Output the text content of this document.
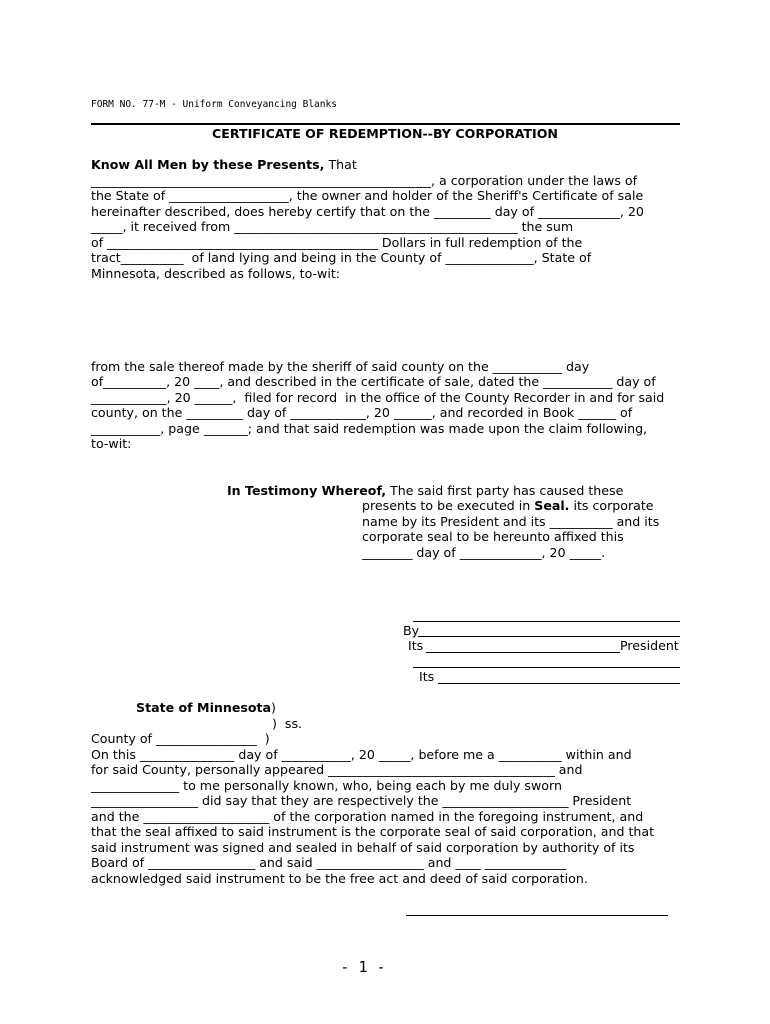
FORM NO. 77-M - Uniform Conveyancing Blanks
CERTIFICATE OF REDEMPTION--BY CORPORATION
Know All Men by these Presents, That
______________________________________________________, a corporation under the laws of
the State of ___________________, the owner and holder of the Sheriff's Certificate of sale
hereinafter described, does hereby certify that on the _________ day of _____________, 20
_____, it received from _____________________________________________ the sum
of ___________________________________________ Dollars in full redemption of the
tract__________  of land lying and being in the County of ______________, State of
Minnesota, described as follows, to-wit:
from the sale thereof made by the sheriff of said county on the ___________ day
of__________, 20 ____, and described in the certificate of sale, dated the ___________ day of
____________, 20 ______,  filed for record  in the office of the County Recorder in and for said
county, on the _________ day of ____________, 20 ______, and recorded in Book ______ of
___________, page _______; and that said redemption was made upon the claim following,
to-wit:
In Testimony Whereof, The said first party has caused these
presents to be executed in Seal. its corporate
name by its President and its __________ and its
corporate seal to be hereunto affixed this
________ day of _____________, 20 _____.
By
Its	President
Its
State of Minnesota)
)  ss.
County of ________________  )
On this _______________ day of ___________, 20 _____, before me a __________ within and
for said County, personally appeared ____________________________________ and
______________ to me personally known, who, being each by me duly sworn
_________________ did say that they are respectively the ____________________ President
and the ____________________ of the corporation named in the foregoing instrument, and
that the seal affixed to said instrument is the corporate seal of said corporation, and that
said instrument was signed and sealed in behalf of said corporation by authority of its
Board of _________________ and said _________________ and ____ _____________
acknowledged said instrument to be the free act and deed of said corporation.
- 1 -
